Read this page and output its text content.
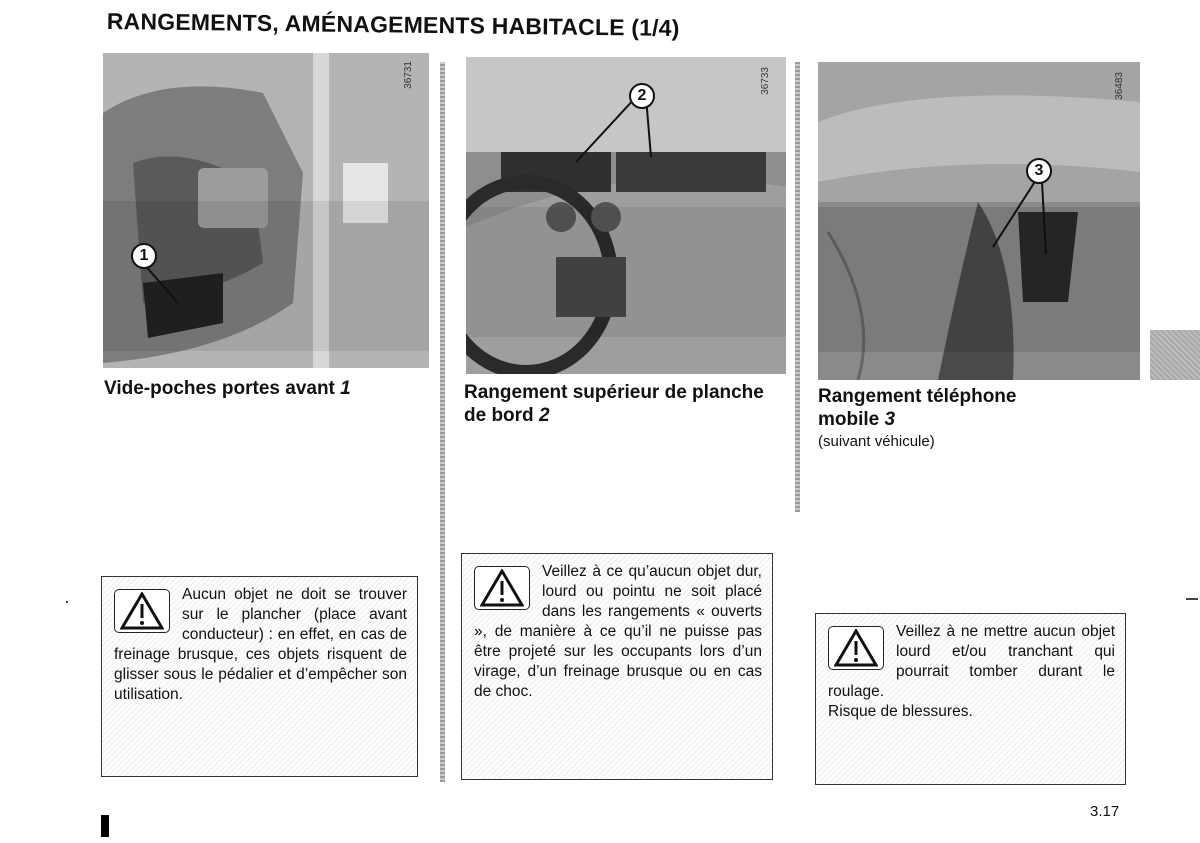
RANGEMENTS, AMÉNAGEMENTS HABITACLE (1/4)
1
36731
Vide-poches portes avant 1

Aucun objet ne doit se trouver sur le plancher (place avant conducteur) : en effet, en cas de freinage brusque, ces objets risquent de glisser sous le pédalier et d’empêcher son utilisation.

2
36733
Rangement supérieur de planche de bord 2

Veillez à ce qu’aucun objet dur, lourd ou pointu ne soit placé dans les rangements « ouverts », de manière à ce qu’il ne puisse pas être projeté sur les occupants lors d’un virage, d’un freinage brusque ou en cas de choc.

3
36483
Rangement téléphone mobile 3
(suivant véhicule)

Veillez à ne mettre aucun objet lourd et/ou tranchant qui pourrait tomber durant le roulage.

Risque de blessures.

3.17
